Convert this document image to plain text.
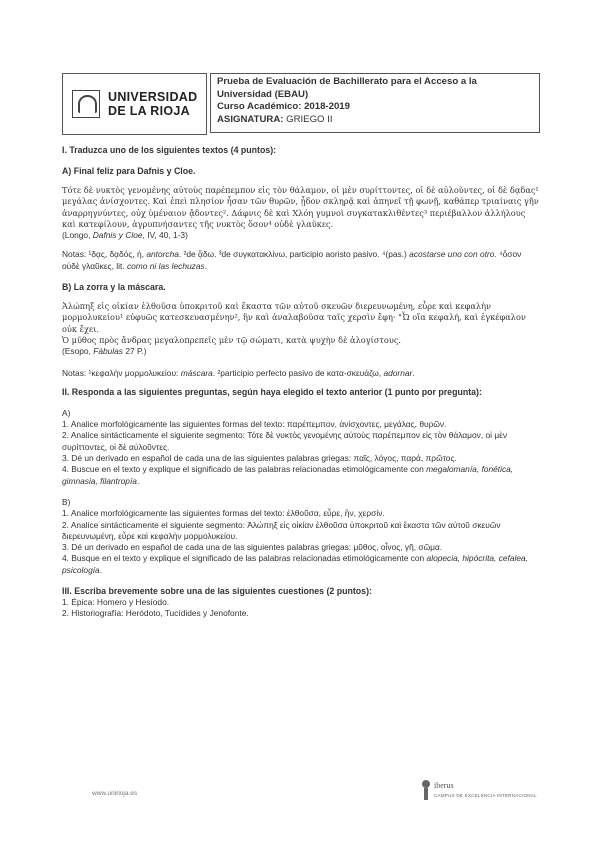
UNIVERSIDAD
DE LA RIOJA
Prueba de Evaluación de Bachillerato para el Acceso a la
Universidad (EBAU)
Curso Académico: 2018-2019
ASIGNATURA: GRIEGO II

I. Traduzca uno de los siguientes textos (4 puntos):

A) Final feliz para Dafnis y Cloe.

Τότε δὲ νυκτὸς γενομένης αὐτοὺς παρέπεμπον εἰς τὸν θάλαμον, οἱ μὲν συρίττοντες, οἱ δὲ αὐλοῦντες, οἱ δὲ δᾳδας¹ μεγάλας ἀνίσχοντες. Καὶ ἐπεὶ πλησίον ἦσαν τῶν θυρῶν, ᾖδον σκληρᾷ καὶ ἀπηνεῖ τῇ φωνῇ, καθάπερ τριαίναις γῆν ἀναρρηγνύντες, οὐχ ὑμέναιον ᾄδοντες². Δάφνις δὲ καὶ Χλόη γυμνοὶ συγκατακλιθέντες³ περιέβαλλον ἀλλήλους καὶ κατεφίλουν, ἀγρυπνήσαντες τῆς νυκτὸς ὅσον⁴ οὐδὲ γλαῦκες.

(Longo, Dafnis y Cloe, IV, 40, 1-3)

Notas: ¹δᾳς, δᾳδός, ἡ, antorcha. ²de ᾄδω. ³de συγκατακλίνω, participio aoristo pasivo. ⁴(pas.) acostarse uno con otro. ⁴ὅσον οὐδὲ γλαῦκες, lit. como ni las lechuzas.

B) La zorra y la máscara.

Ἀλώπηξ εἰς οἰκίαν ἐλθοῦσα ὑποκριτοῦ καὶ ἕκαστα τῶν αὐτοῦ σκευῶν διερευνωμένη, εὗρε καὶ κεφαλὴν μορμολυκείου¹ εὐφυῶς κατεσκευασμένην², ἣν καὶ ἀναλαβοῦσα ταῖς χερσὶν ἔφη· "Ὦ οἵα κεφαλή, καὶ ἐγκέφαλον οὐκ ἔχει.

Ὁ μῦθος πρὸς ἄνδρας μεγαλοπρεπεῖς μὲν τῷ σώματι, κατὰ ψυχὴν δὲ ἀλογίστους.

(Esopo, Fábulas 27 P.)

Notas: ¹κεφαλὴν μορμολυκείου: máscara. ²participio perfecto pasivo de κατα-σκευάζω, adornar.

II. Responda a las siguientes preguntas, según haya elegido el texto anterior (1 punto por pregunta):

A)

1. Analice morfológicamente las siguientes formas del texto: παρέπεμπον, ἀνίσχοντες, μεγάλας, θυρῶν.

2. Analice sintácticamente el siguiente segmento: Τότε δὲ νυκτὸς γενομένης αὐτοὺς παρέπεμπον εἰς τὸν θάλαμον, οἱ μὲν συρίττοντες, οἱ δὲ αὐλοῦντες.

3. Dé un derivado en español de cada una de las siguientes palabras griegas: παῖς, λόγος, παρά, πρῶτος.

4. Buscue en el texto y explique el significado de las palabras relacionadas etimológicamente con megalomanía, fonética, gimnasia, filantropía.

B)

1. Analice morfológicamente las siguientes formas del texto: ἐλθοῦσα, εὗρε, ἣν, χερσίν.

2. Analice sintácticamente el siguiente segmento: Ἀλώπηξ εἰς οἰκίαν ἐλθοῦσα ὑποκριτοῦ καὶ ἕκαστα τῶν αὐτοῦ σκευῶν διερευνωμένη, εὗρε καὶ κεφαλὴν μορμολυκείου.

3. Dé un derivado en español de cada una de las siguientes palabras griegas: μῦθος, οἶνος, γῆ, σῶμα.

4. Busque en el texto y explique el significado de las palabras relacionadas etimológicamente con alopecia, hipócrita, cefalea, psicología.

III. Escriba brevemente sobre una de las siguientes cuestiones (2 puntos):

1. Épica: Homero y Hesíodo.

2. Historiografía: Heródoto, Tucídides y Jenofonte.

www.unirioja.es
iberus
CAMPUS DE EXCELENCIA INTERNACIONAL
